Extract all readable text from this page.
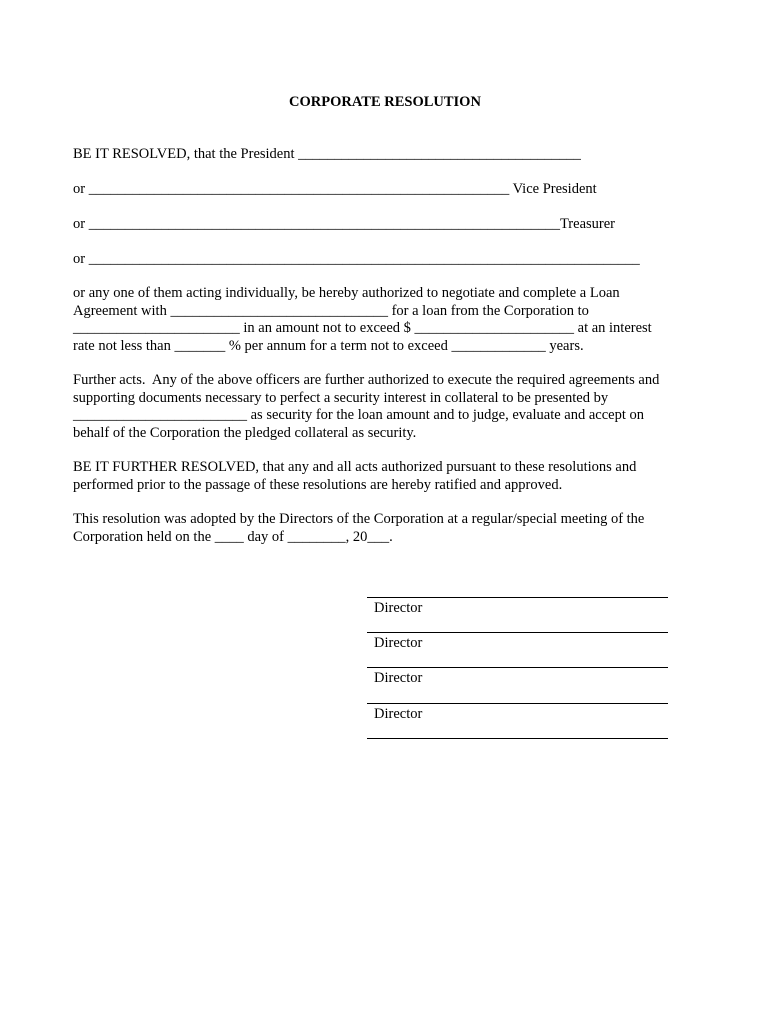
CORPORATE RESOLUTION
BE IT RESOLVED, that the President _______________________________________
or __________________________________________________________ Vice President
or _________________________________________________________________Treasurer
or ____________________________________________________________________________
or any one of them acting individually, be hereby authorized to negotiate and complete a Loan
Agreement with ______________________________ for a loan from the Corporation to
_______________________ in an amount not to exceed $ ______________________ at an interest
rate not less than _______ % per annum for a term not to exceed _____________ years.
Further acts.  Any of the above officers are further authorized to execute the required agreements and
supporting documents necessary to perfect a security interest in collateral to be presented by
________________________ as security for the loan amount and to judge, evaluate and accept on
behalf of the Corporation the pledged collateral as security.
BE IT FURTHER RESOLVED, that any and all acts authorized pursuant to these resolutions and
performed prior to the passage of these resolutions are hereby ratified and approved.
This resolution was adopted by the Directors of the Corporation at a regular/special meeting of the
Corporation held on the ____ day of ________, 20___.
Director
Director
Director
Director
